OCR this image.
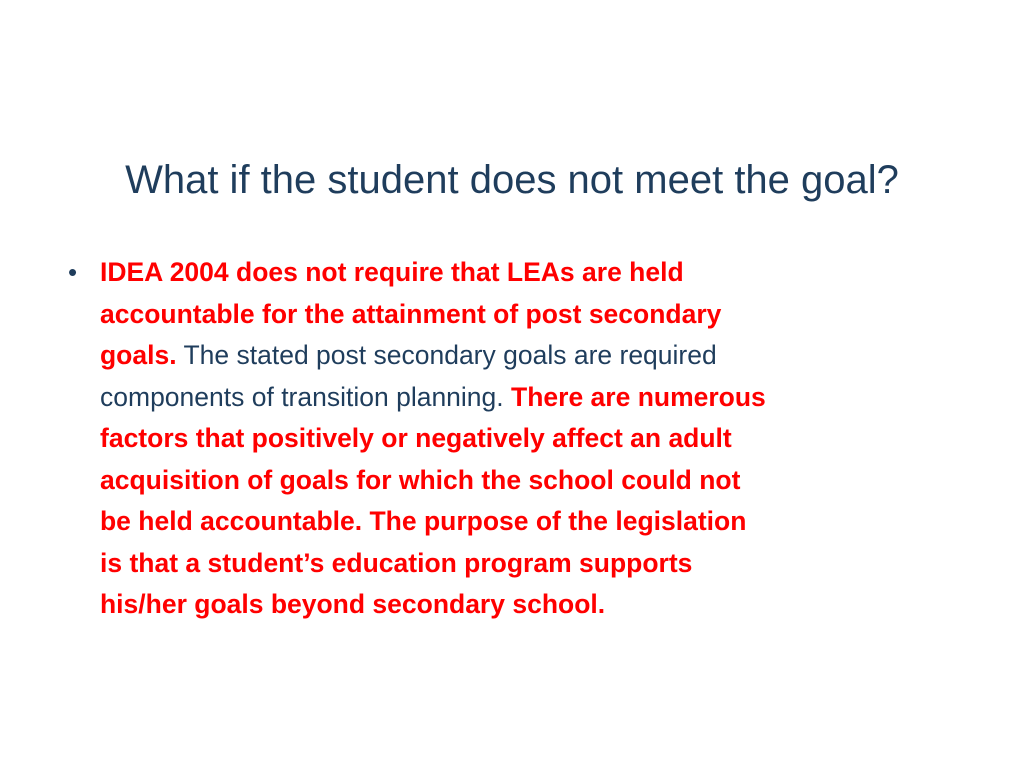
What if the student does not meet the goal?
• IDEA 2004 does not require that LEAs are held
accountable for the attainment of post secondary
goals. The stated post secondary goals are required
components of transition planning. There are numerous
factors that positively or negatively affect an adult
acquisition of goals for which the school could not
be held accountable. The purpose of the legislation
is that a student’s education program supports
his/her goals beyond secondary school.
